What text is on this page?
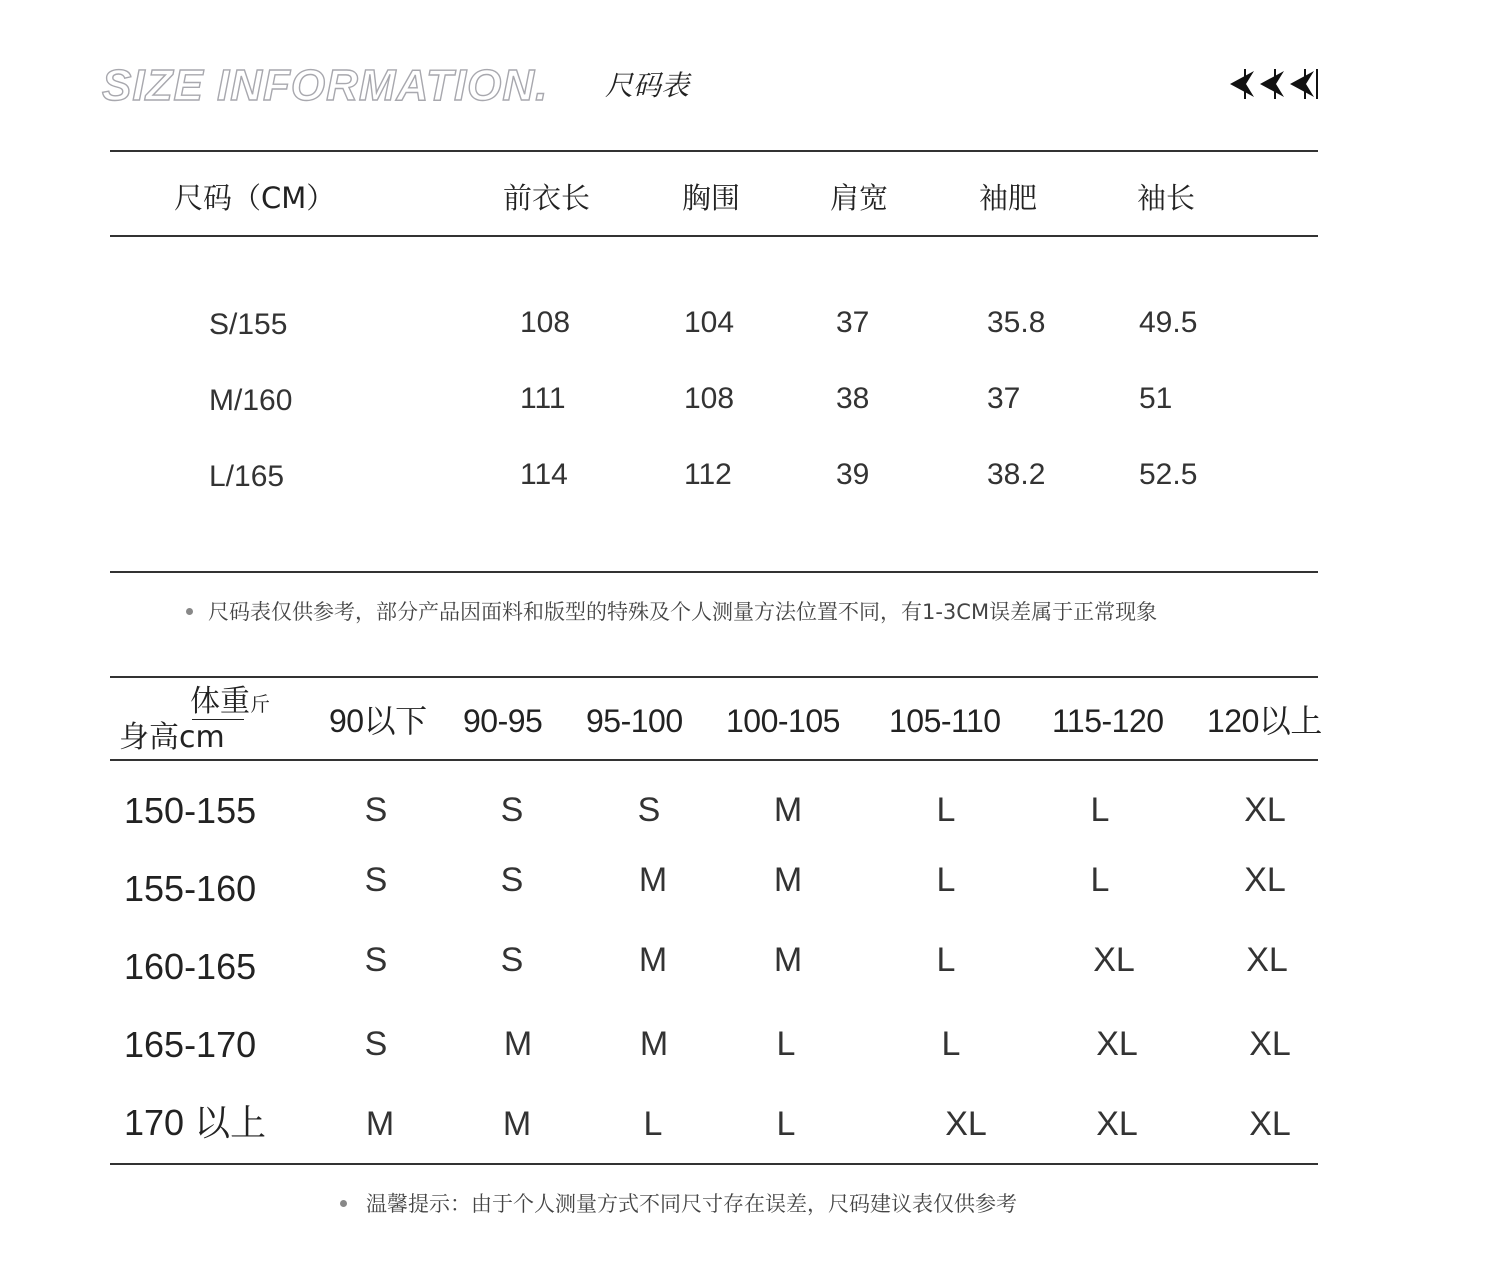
SIZE INFORMATION. 尺码表
尺码（CM）	前衣长	胸围	肩宽	袖肥	袖长
S/155	108	104	37	35.8	49.5
M/160	111	108	38	37	51
L/165	114	112	39	38.2	52.5
尺码表仅供参考，部分产品因面料和版型的特殊及个人测量方法位置不同，有1-3CM误差属于正常现象
体重斤
身高cm	90以下 90-95 95-100 100-105 105-110 115-120 120以上
150-155	S	S	S	M	L	L	XL
155-160	S	S	M	M	L	L	XL
160-165	S	S	M	M	L	XL	XL
165-170	S	M	M	L	L	XL	XL
170 以上	M	M	L	L	XL	XL	XL
温馨提示：由于个人测量方式不同尺寸存在误差，尺码建议表仅供参考
